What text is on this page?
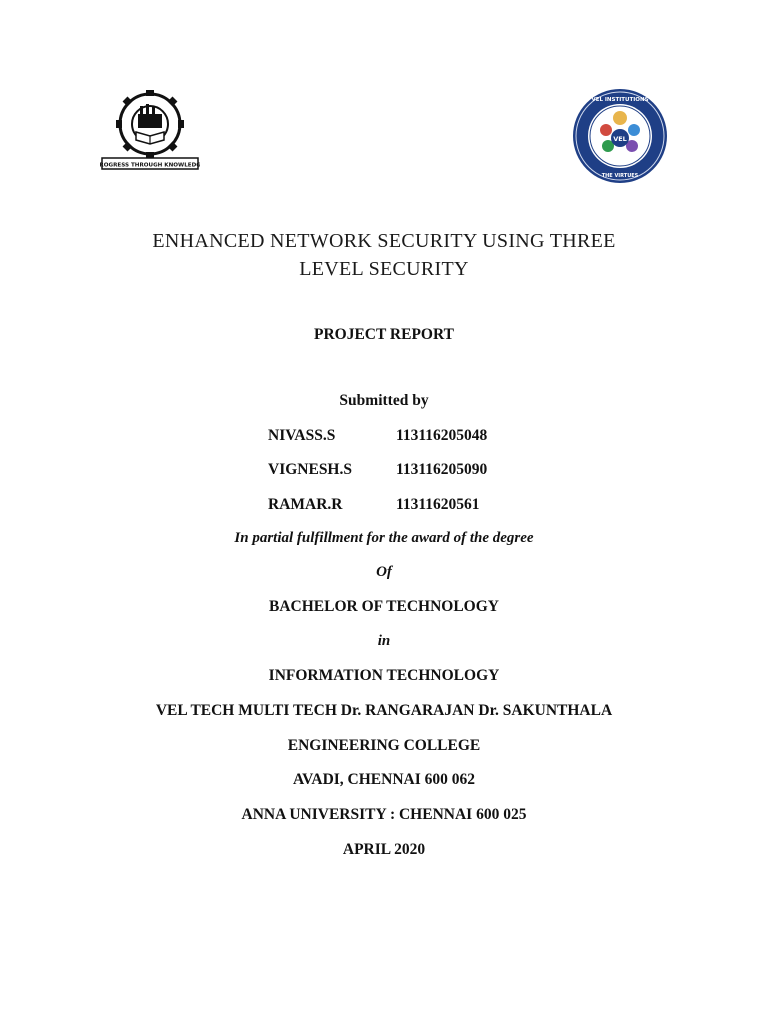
PROGRESS THROUGH KNOWLEDGE
VEL
VEL INSTITUTIONS
THE VIRTUES
ENHANCED NETWORK SECURITY USING THREE
LEVEL SECURITY
PROJECT REPORT
Submitted by
NIVASS.S	113116205048
VIGNESH.S	113116205090
RAMAR.R	11311620561
In partial fulfillment for the award of the degree
Of
BACHELOR OF TECHNOLOGY
in
INFORMATION TECHNOLOGY
VEL TECH MULTI TECH Dr. RANGARAJAN Dr. SAKUNTHALA
ENGINEERING COLLEGE
AVADI, CHENNAI 600 062
ANNA UNIVERSITY : CHENNAI 600 025
APRIL 2020
